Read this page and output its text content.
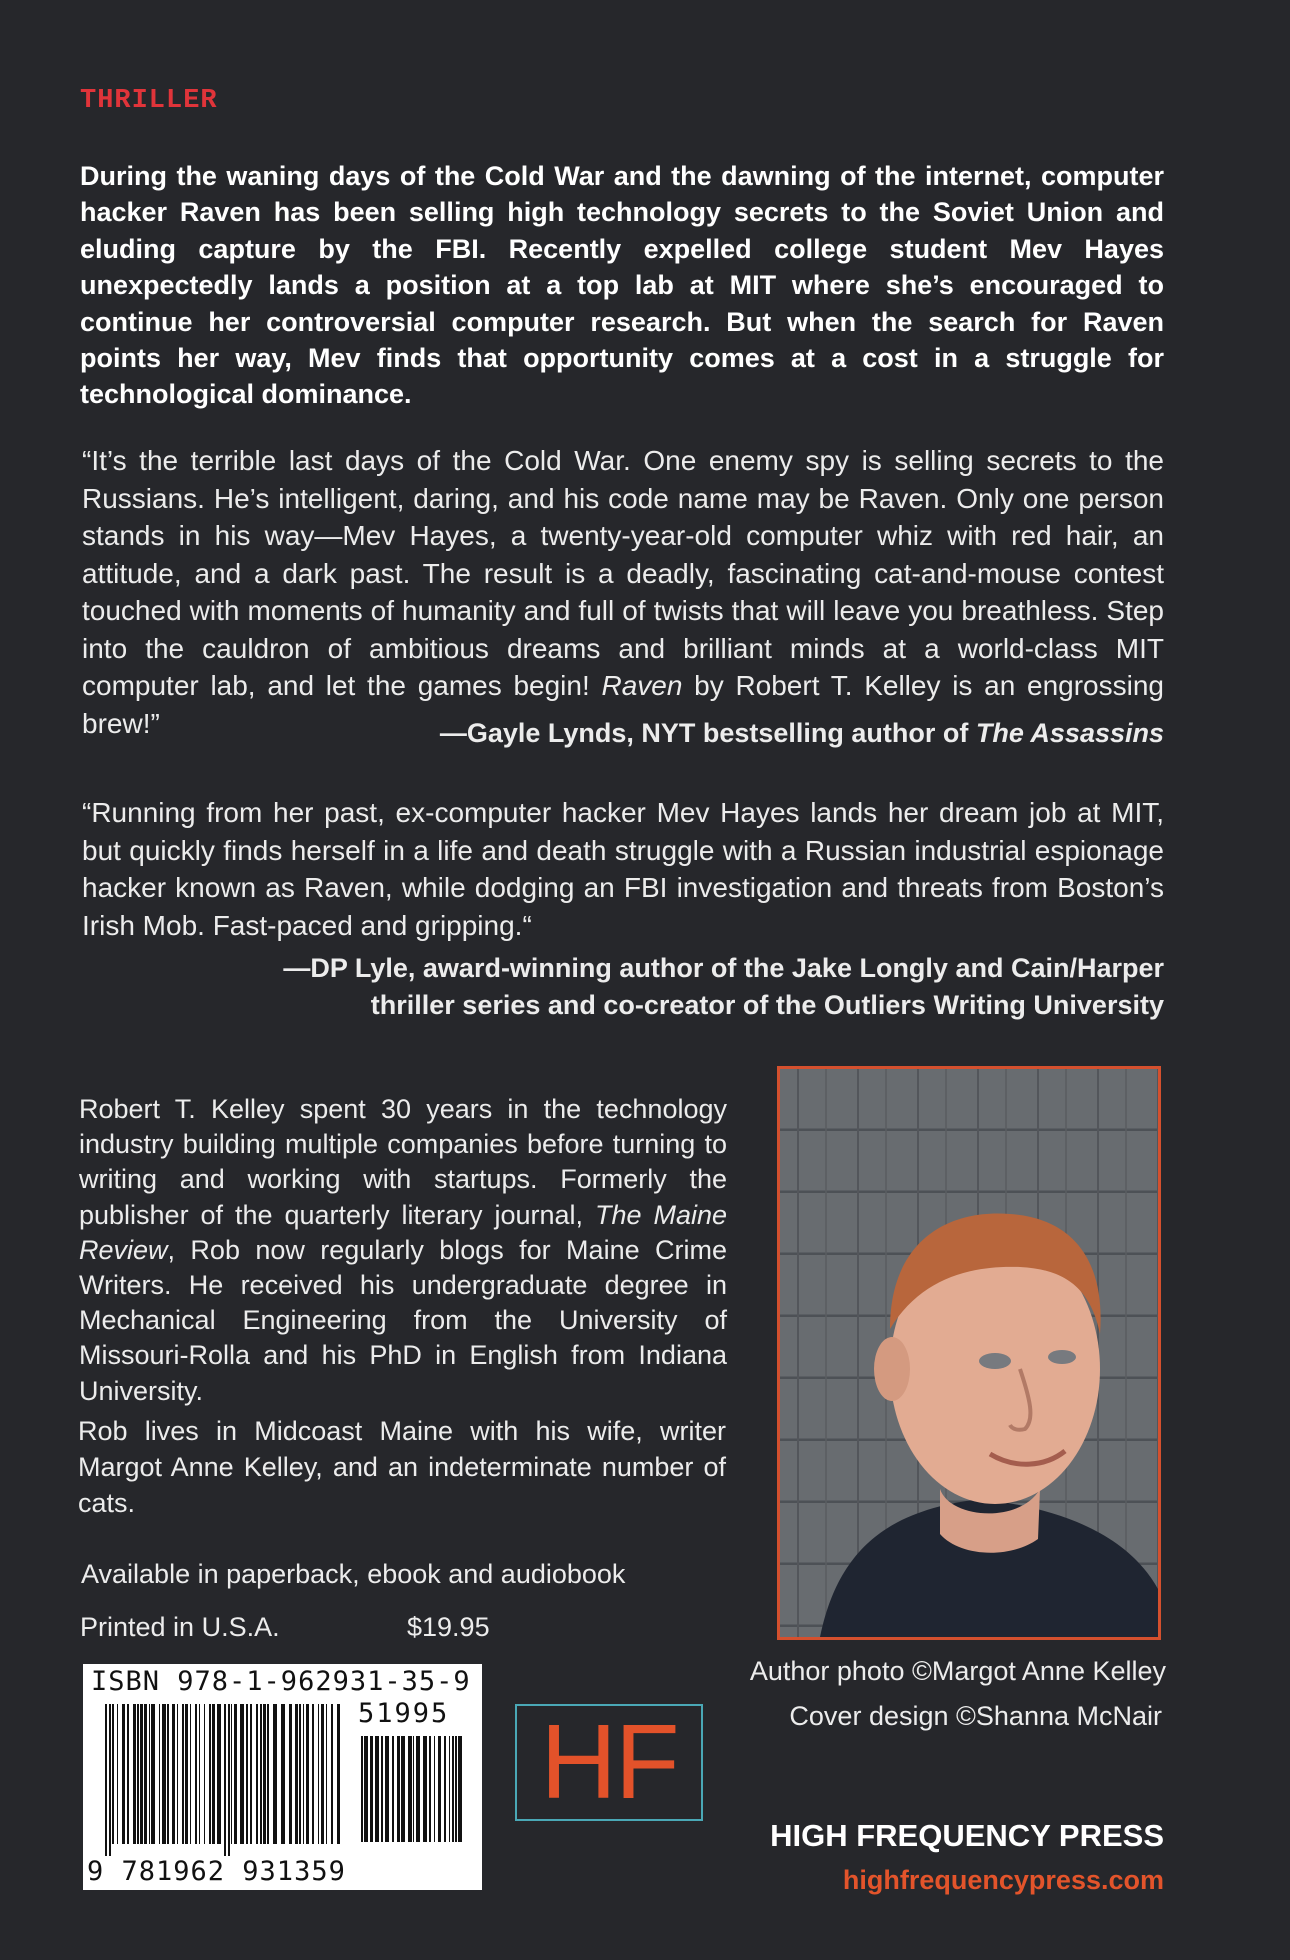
THRILLER
During the waning days of the Cold War and the dawning of the internet, computer hacker Raven has been selling high technology secrets to the Soviet Union and eluding capture by the FBI. Recently expelled college student Mev Hayes unexpectedly lands a position at a top lab at MIT where she’s encouraged to continue her controversial computer research. But when the search for Raven points her way, Mev finds that opportunity comes at a cost in a struggle for technological dominance.
“It’s the terrible last days of the Cold War. One enemy spy is selling secrets to the Russians. He’s intelligent, daring, and his code name may be Raven. Only one person stands in his way—Mev Hayes, a twenty-year-old computer whiz with red hair, an attitude, and a dark past. The result is a deadly, fascinating cat-and-mouse contest touched with moments of humanity and full of twists that will leave you breathless. Step into the cauldron of ambitious dreams and brilliant minds at a world-class MIT computer lab, and let the games begin! Raven by Robert T. Kelley is an engrossing brew!”	—Gayle Lynds, NYT bestselling author of The Assassins
“Running from her past, ex-computer hacker Mev Hayes lands her dream job at MIT, but quickly finds herself in a life and death struggle with a Russian industrial espionage hacker known as Raven, while dodging an FBI investigation and threats from Boston’s Irish Mob. Fast-paced and gripping.“
—DP Lyle, award-winning author of the Jake Longly and Cain/Harper
thriller series and co-creator of the Outliers Writing University
Robert T. Kelley spent 30 years in the technology industry building multiple companies before turning to writing and working with startups. Formerly the publisher of the quarterly literary journal, The Maine Review, Rob now regularly blogs for Maine Crime Writers. He received his undergraduate degree in Mechanical Engineering from the University of Missouri-Rolla and his PhD in English from Indiana University.
Rob lives in Midcoast Maine with his wife, writer Margot Anne Kelley, and an indeterminate number of cats.
Author photo ©Margot Anne Kelley
Cover design ©Shanna McNair
Available in paperback, ebook and audiobook
Printed in U.S.A.	$19.95
ISBN 978-1-962931-35-9
51995
9 781962 931359
HF
HIGH FREQUENCY PRESS
highfrequencypress.com
